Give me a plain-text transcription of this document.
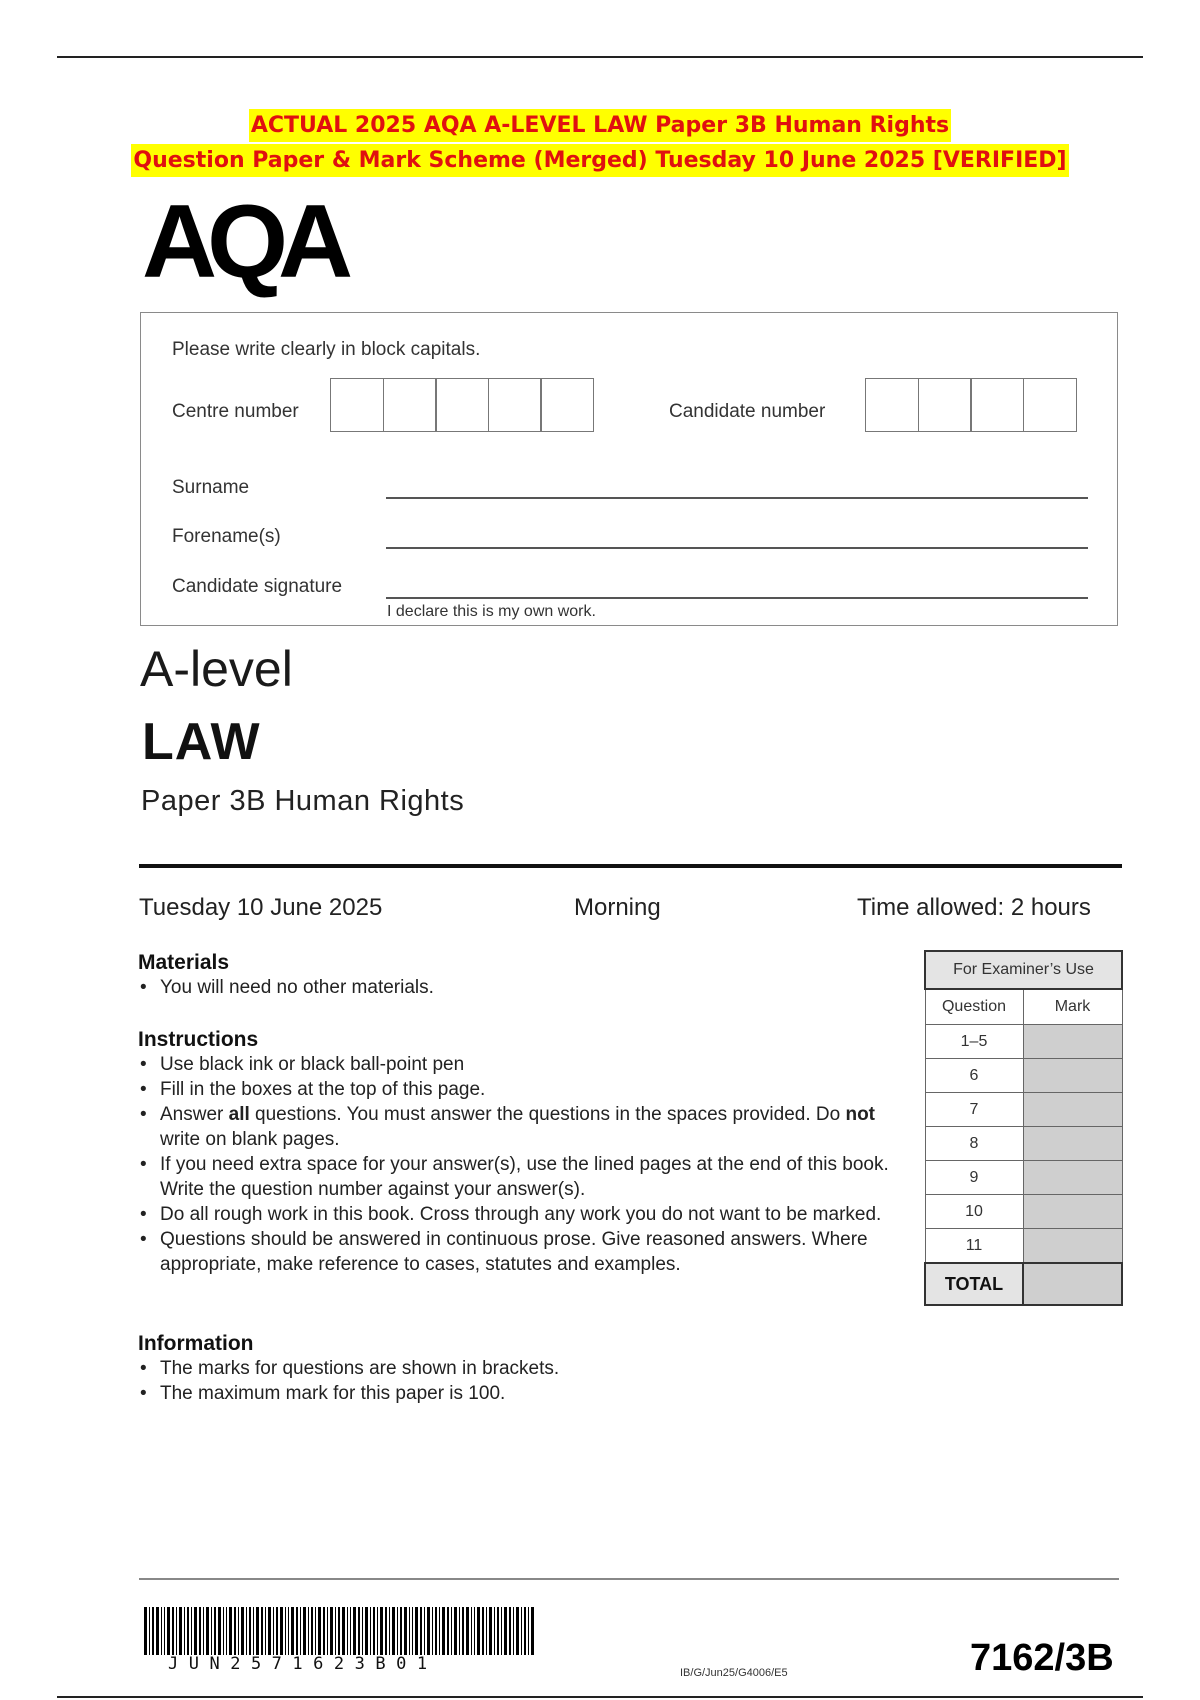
ACTUAL 2025 AQA A-LEVEL LAW Paper 3B Human Rights
Question Paper & Mark Scheme (Merged) Tuesday 10 June 2025 [VERIFIED]
AQA
Please write clearly in block capitals.
Centre number	Candidate number
Surname
Forename(s)
Candidate signature
I declare this is my own work.
A-level
LAW
Paper 3B Human Rights
Tuesday 10 June 2025	Morning	Time allowed: 2 hours
Materials
• You will need no other materials.
Instructions
• Use black ink or black ball-point pen
• Fill in the boxes at the top of this page.
• Answer all questions. You must answer the questions in the spaces provided. Do not write on blank pages.
• If you need extra space for your answer(s), use the lined pages at the end of this book. Write the question number against your answer(s).
• Do all rough work in this book. Cross through any work you do not want to be marked.
• Questions should be answered in continuous prose. Give reasoned answers. Where appropriate, make reference to cases, statutes and examples.
Information
• The marks for questions are shown in brackets.
• The maximum mark for this paper is 100.
For Examiner’s Use	
Question	Mark
1–5	
6	
7	
8	
9	
10	
11	
TOTAL	
JUN2571623B01	IB/G/Jun25/G4006/E5	7162/3B
